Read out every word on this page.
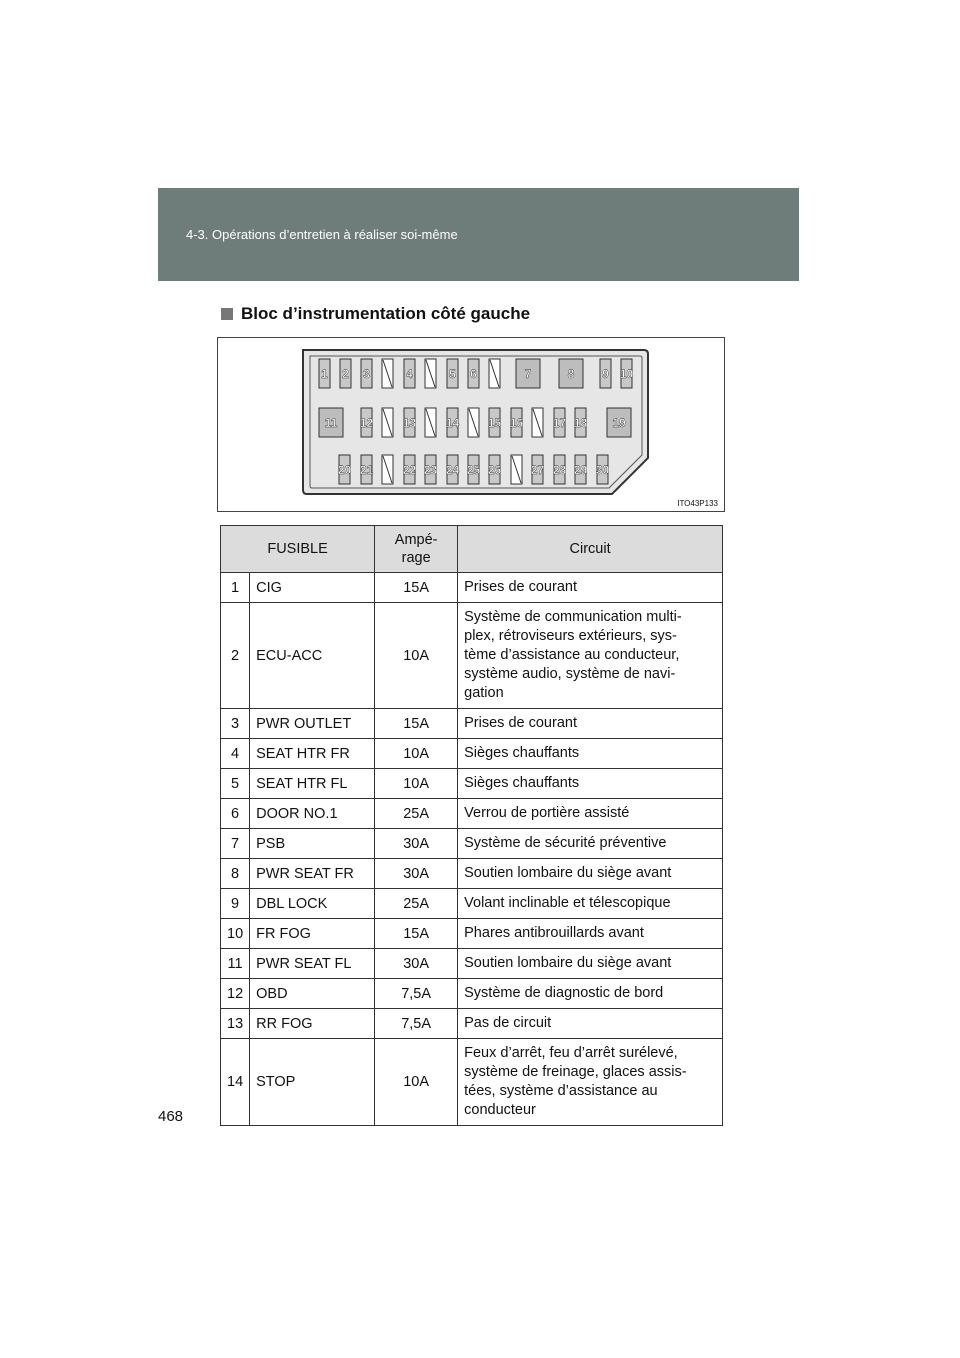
4-3. Opérations d’entretien à réaliser soi-même
Bloc d’instrumentation côté gauche
1 2 3	4	5 6	7	8 9 10
11 12 13 14 15 16 17 18 19
20 21 22 23 24 25 26 27 28 29 30
ITO43P133
FUSIBLE		Ampé-
rage	Circuit
1	CIG	15A	Prises de courant
2	ECU-ACC	10A	Système de communication multi-
plex, rétroviseurs extérieurs, sys-
tème d’assistance au conducteur,
système audio, système de navi-
gation
3	PWR OUTLET	15A	Prises de courant
4	SEAT HTR FR	10A	Sièges chauffants
5	SEAT HTR FL	10A	Sièges chauffants
6	DOOR NO.1	25A	Verrou de portière assisté
7	PSB	30A	Système de sécurité préventive
8	PWR SEAT FR	30A	Soutien lombaire du siège avant
9	DBL LOCK	25A	Volant inclinable et télescopique
10	FR FOG	15A	Phares antibrouillards avant
11	PWR SEAT FL	30A	Soutien lombaire du siège avant
12	OBD	7,5A	Système de diagnostic de bord
13	RR FOG	7,5A	Pas de circuit
14	STOP	10A	Feux d’arrêt, feu d’arrêt surélevé,
système de freinage, glaces assis-
tées, système d’assistance au
conducteur
468
